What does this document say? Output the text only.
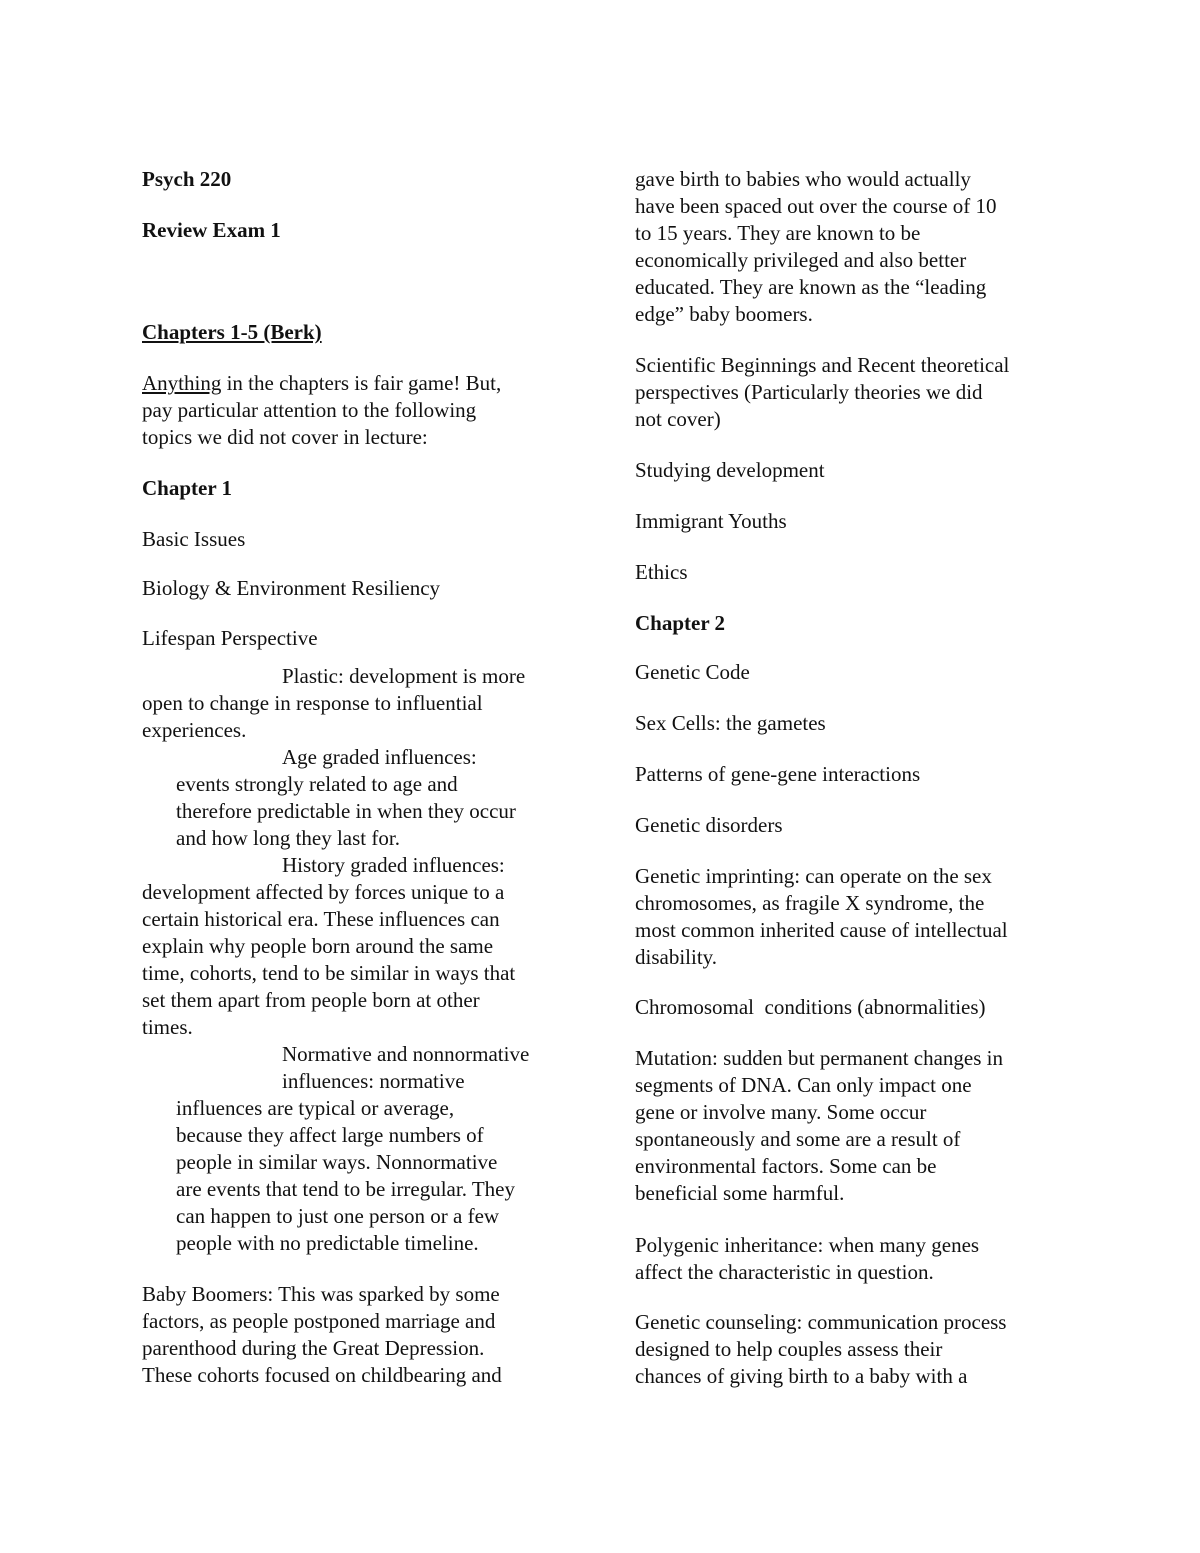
Psych 220
Review Exam 1
Chapters 1-5 (Berk)
Anything in the chapters is fair game! But,
pay particular attention to the following
topics we did not cover in lecture:
Chapter 1
Basic Issues
Biology & Environment Resiliency
Lifespan Perspective
Plastic: development is more
open to change in response to influential
experiences.
Age graded influences:
events strongly related to age and
therefore predictable in when they occur
and how long they last for.
History graded influences:
development affected by forces unique to a
certain historical era. These influences can
explain why people born around the same
time, cohorts, tend to be similar in ways that
set them apart from people born at other
times.
Normative and nonnormative
influences: normative
influences are typical or average,
because they affect large numbers of
people in similar ways. Nonnormative
are events that tend to be irregular. They
can happen to just one person or a few
people with no predictable timeline.
Baby Boomers: This was sparked by some
factors, as people postponed marriage and
parenthood during the Great Depression.
These cohorts focused on childbearing and
gave birth to babies who would actually
have been spaced out over the course of 10
to 15 years. They are known to be
economically privileged and also better
educated. They are known as the “leading
edge” baby boomers.
Scientific Beginnings and Recent theoretical
perspectives (Particularly theories we did
not cover)
Studying development
Immigrant Youths
Ethics
Chapter 2
Genetic Code
Sex Cells: the gametes
Patterns of gene-gene interactions
Genetic disorders
Genetic imprinting: can operate on the sex
chromosomes, as fragile X syndrome, the
most common inherited cause of intellectual
disability.
Chromosomal  conditions (abnormalities)
Mutation: sudden but permanent changes in
segments of DNA. Can only impact one
gene or involve many. Some occur
spontaneously and some are a result of
environmental factors. Some can be
beneficial some harmful.
Polygenic inheritance: when many genes
affect the characteristic in question.
Genetic counseling: communication process
designed to help couples assess their
chances of giving birth to a baby with a
